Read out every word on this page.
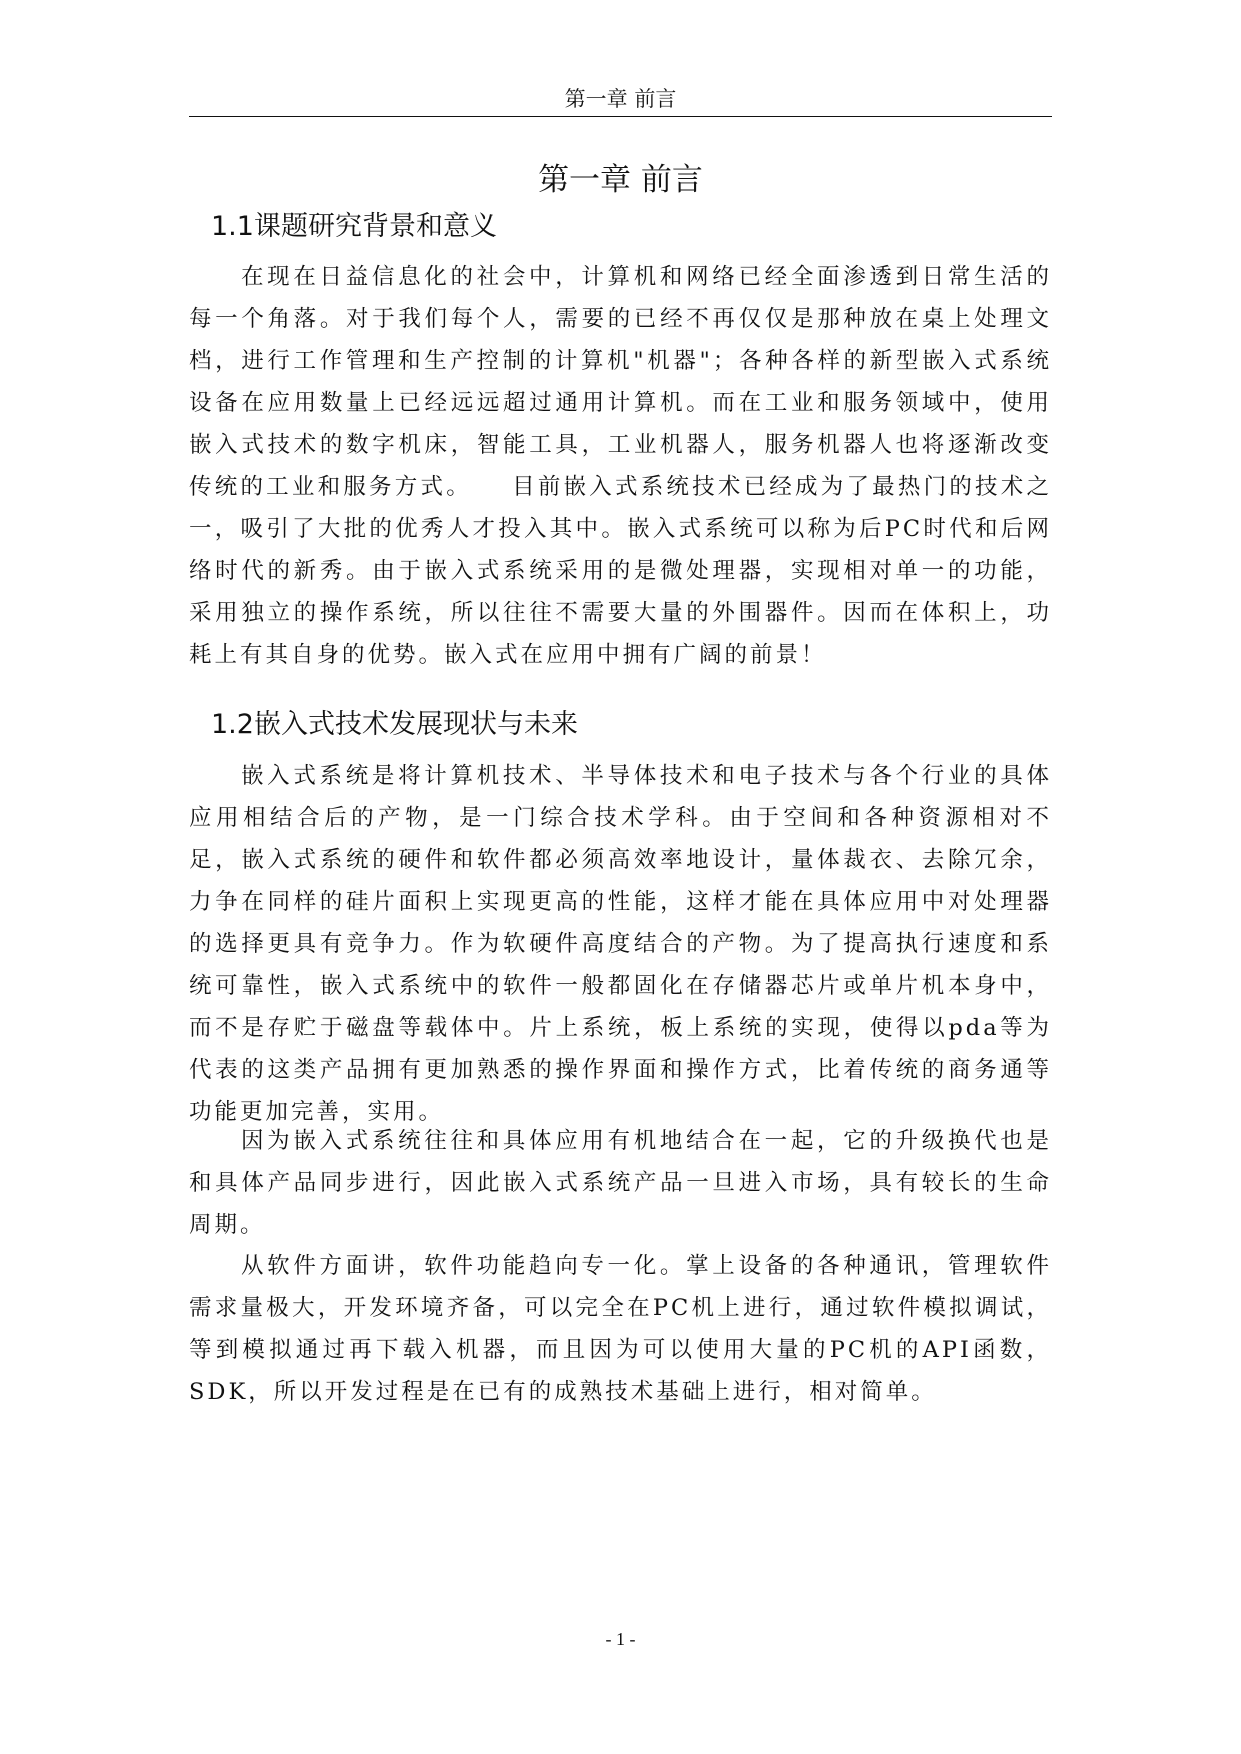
第一章 前言
第一章 前言
1.1课题研究背景和意义

在现在日益信息化的社会中，计算机和网络已经全面渗透到日常生活的每一个角落。对于我们每个人，需要的已经不再仅仅是那种放在桌上处理文档，进行工作管理和生产控制的计算机"机器"；各种各样的新型嵌入式系统设备在应用数量上已经远远超过通用计算机。而在工业和服务领域中，使用嵌入式技术的数字机床，智能工具，工业机器人，服务机器人也将逐渐改变传统的工业和服务方式。　　目前嵌入式系统技术已经成为了最热门的技术之一，吸引了大批的优秀人才投入其中。嵌入式系统可以称为后PC时代和后网络时代的新秀。由于嵌入式系统采用的是微处理器，实现相对单一的功能，采用独立的操作系统，所以往往不需要大量的外围器件。因而在体积上，功耗上有其自身的优势。嵌入式在应用中拥有广阔的前景！

1.2嵌入式技术发展现状与未来

嵌入式系统是将计算机技术、半导体技术和电子技术与各个行业的具体应用相结合后的产物，是一门综合技术学科。由于空间和各种资源相对不足，嵌入式系统的硬件和软件都必须高效率地设计，量体裁衣、去除冗余，力争在同样的硅片面积上实现更高的性能，这样才能在具体应用中对处理器的选择更具有竞争力。作为软硬件高度结合的产物。为了提高执行速度和系统可靠性，嵌入式系统中的软件一般都固化在存储器芯片或单片机本身中，而不是存贮于磁盘等载体中。片上系统，板上系统的实现，使得以pda等为代表的这类产品拥有更加熟悉的操作界面和操作方式，比着传统的商务通等功能更加完善，实用。

因为嵌入式系统往往和具体应用有机地结合在一起，它的升级换代也是和具体产品同步进行，因此嵌入式系统产品一旦进入市场，具有较长的生命周期。

从软件方面讲，软件功能趋向专一化。掌上设备的各种通讯，管理软件需求量极大，开发环境齐备，可以完全在PC机上进行，通过软件模拟调试，等到模拟通过再下载入机器，而且因为可以使用大量的PC机的API函数，SDK，所以开发过程是在已有的成熟技术基础上进行，相对简单。

- 1 -
